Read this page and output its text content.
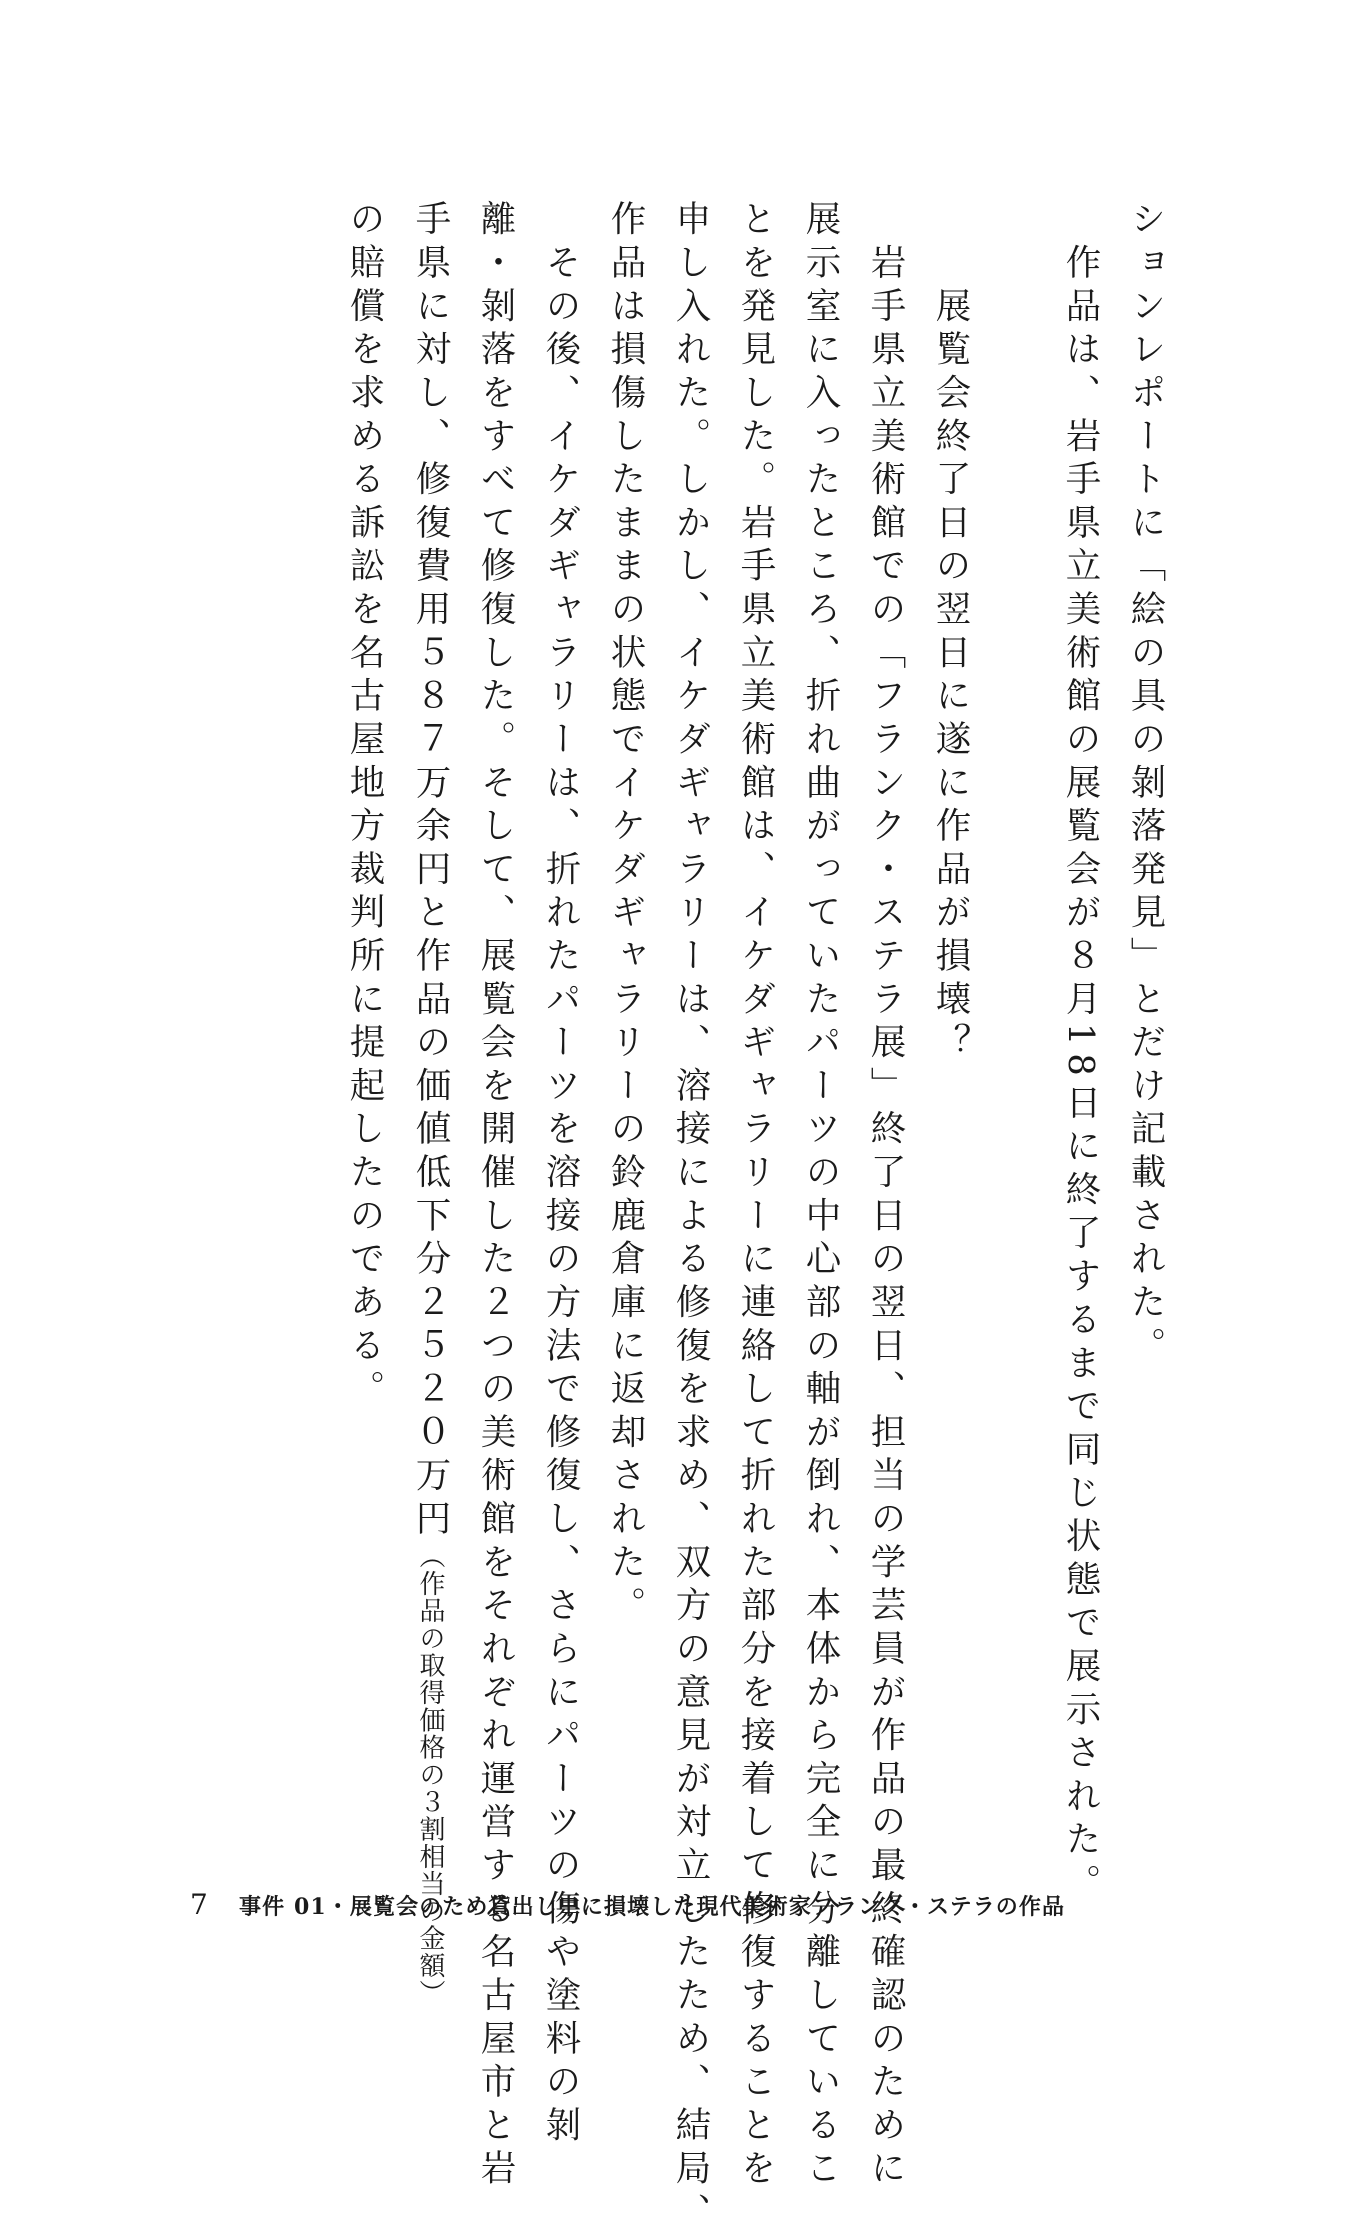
ションレポートに「絵の具の剝落発見」とだけ記載された。
　作品は、岩手県立美術館の展覧会が８月18日に終了するまで同じ状態で展示された。
　　展覧会終了日の翌日に遂に作品が損壊？
　岩手県立美術館での「フランク・ステラ展」終了日の翌日、担当の学芸員が作品の最終確認のために
展示室に入ったところ、折れ曲がっていたパーツの中心部の軸が倒れ、本体から完全に分離しているこ
とを発見した。岩手県立美術館は、イケダギャラリーに連絡して折れた部分を接着して修復することを
申し入れた。しかし、イケダギャラリーは、溶接による修復を求め、双方の意見が対立したため、結局、
作品は損傷したままの状態でイケダギャラリーの鈴鹿倉庫に返却された。
　その後、イケダギャラリーは、折れたパーツを溶接の方法で修復し、さらにパーツの傷や塗料の剝
離・剝落をすべて修復した。そして、展覧会を開催した２つの美術館をそれぞれ運営する名古屋市と岩
手県に対し、修復費用５８７万余円と作品の価値低下分２５２０万円（作品の取得価格の３割相当の金額）
の賠償を求める訴訟を名古屋地方裁判所に提起したのである。
7 事件 01・展覧会のため貸出し中に損壊した現代美術家フランク・ステラの作品
